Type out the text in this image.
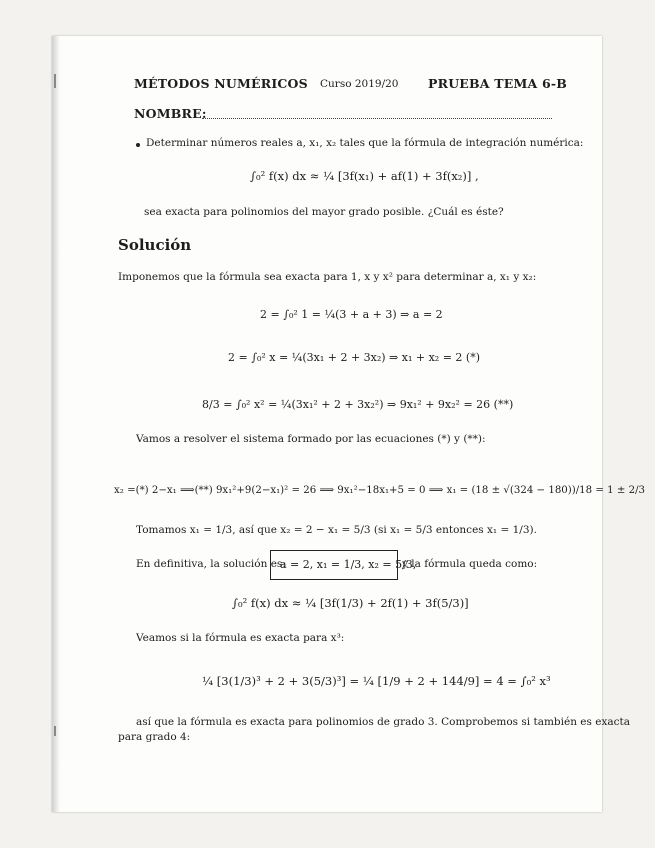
MÉTODOS NUMÉRICOS Curso 2019/20 PRUEBA TEMA 6-B
NOMBRE:
Determinar números reales a, x₁, x₂ tales que la fórmula de integración numérica:
∫₀² f(x) dx ≈ ¼ [3f(x₁) + af(1) + 3f(x₂)] ,
sea exacta para polinomios del mayor grado posible. ¿Cuál es éste?
Solución
Imponemos que la fórmula sea exacta para 1, x y x² para determinar a, x₁ y x₂:
2 = ∫₀² 1 = ¼(3 + a + 3) ⇒ a = 2
2 = ∫₀² x = ¼(3x₁ + 2 + 3x₂) ⇒ x₁ + x₂ = 2 (*)
8/3 = ∫₀² x² = ¼(3x₁² + 2 + 3x₂²) ⇒ 9x₁² + 9x₂² = 26 (**)
Vamos a resolver el sistema formado por las ecuaciones (*) y (**):
x₂ =(*) 2−x₁ ⟹(**) 9x₁²+9(2−x₁)² = 26 ⟹ 9x₁²−18x₁+5 = 0 ⟹ x₁ = (18 ± √(324 − 180))/18 = 1 ± 2/3
Tomamos x₁ = 1/3, así que x₂ = 2 − x₁ = 5/3 (si x₁ = 5/3 entonces x₁ = 1/3).
En definitiva, la solución es:
a = 2, x₁ = 1/3, x₂ = 5/3,
y la fórmula queda como:
∫₀² f(x) dx ≈ ¼ [3f(1/3) + 2f(1) + 3f(5/3)]
Veamos si la fórmula es exacta para x³:
¼ [3(1/3)³ + 2 + 3(5/3)³] = ¼ [1/9 + 2 + 144/9] = 4 = ∫₀² x³
así que la fórmula es exacta para polinomios de grado 3. Comprobemos si también es exacta
para grado 4:
